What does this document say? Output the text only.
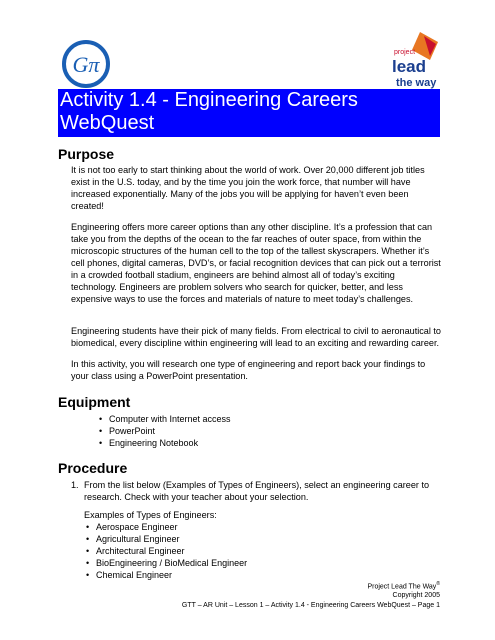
Gπ	project
lead
the way
Activity 1.4 - Engineering Careers
WebQuest
Purpose

It is not too early to start thinking about the world of work. Over 20,000 different job titles exist in the U.S. today, and by the time you join the work force, that number will have increased exponentially. Many of the jobs you will be applying for haven’t even been created!

Engineering offers more career options than any other discipline. It’s a profession that can take you from the depths of the ocean to the far reaches of outer space, from within the microscopic structures of the human cell to the top of the tallest skyscrapers. Whether it’s cell phones, digital cameras, DVD’s, or facial recognition devices that can pick out a terrorist in a crowded football stadium, engineers are behind almost all of today’s exciting technology. Engineers are problem solvers who search for quicker, better, and less expensive ways to use the forces and materials of nature to meet today’s challenges.

Engineering students have their pick of many fields. From electrical to civil to aeronautical to biomedical, every discipline within engineering will lead to an exciting and rewarding career.

In this activity, you will research one type of engineering and report back your findings to your class using a PowerPoint presentation.

Equipment
• Computer with Internet access
• PowerPoint
• Engineering Notebook
Procedure
1. From the list below (Examples of Types of Engineers), select an engineering career to research. Check with your teacher about your selection.

Examples of Types of Engineers:

• Aerospace Engineer
• Agricultural Engineer
• Architectural Engineer
• BioEngineering / BioMedical Engineer
• Chemical Engineer
Project Lead The Way®
Copyright 2005
GTT – AR Unit – Lesson 1 – Activity 1.4 - Engineering Careers WebQuest – Page 1
